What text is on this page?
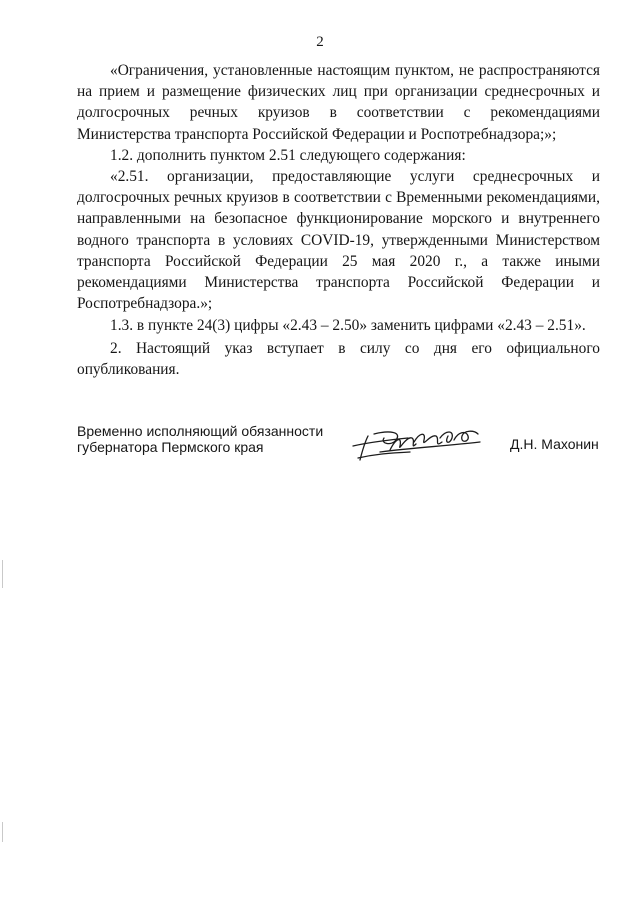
2

«Ограничения, установленные настоящим пунктом, не распространяются на прием и размещение физических лиц при организации среднесрочных и долгосрочных речных круизов в соответствии с рекомендациями Министерства транспорта Российской Федерации и Роспотребнадзора;»;

1.2. дополнить пунктом 2.51 следующего содержания:

«2.51. организации, предоставляющие услуги среднесрочных и долгосрочных речных круизов в соответствии с Временными рекомендациями, направленными на безопасное функционирование морского и внутреннего водного транспорта в условиях COVID-19, утвержденными Министерством транспорта Российской Федерации 25 мая 2020 г., а также иными рекомендациями Министерства транспорта Российской Федерации и Роспотребнадзора.»;

1.3. в пункте 24(3) цифры «2.43 – 2.50» заменить цифрами «2.43 – 2.51».

2. Настоящий указ вступает в силу со дня его официального опубликования.

Временно исполняющий обязанности
губернатора Пермского края	Д.Н. Махонин
